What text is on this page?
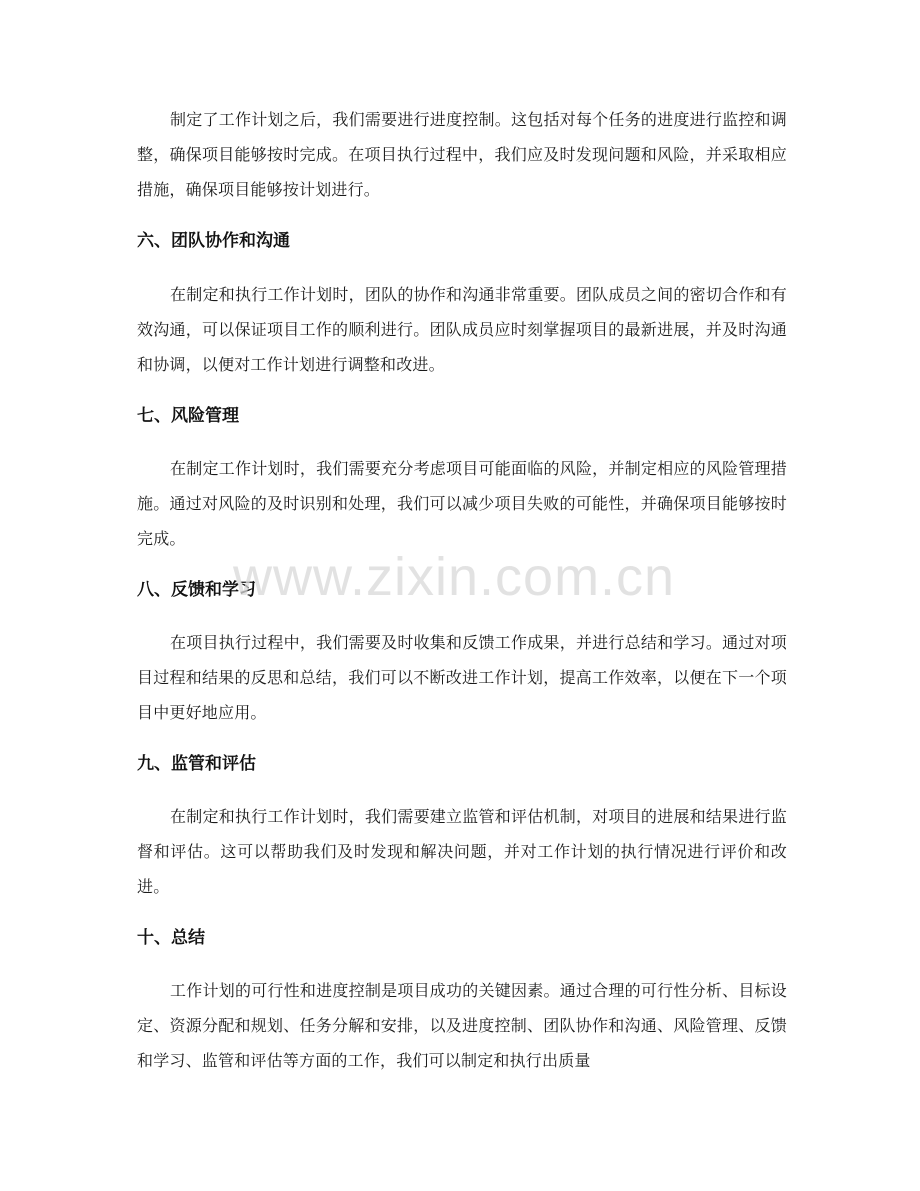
制定了工作计划之后，我们需要进行进度控制。这包括对每个任务的进度进行监控和调整，确保项目能够按时完成。在项目执行过程中，我们应及时发现问题和风险，并采取相应措施，确保项目能够按计划进行。

六、团队协作和沟通

在制定和执行工作计划时，团队的协作和沟通非常重要。团队成员之间的密切合作和有效沟通，可以保证项目工作的顺利进行。团队成员应时刻掌握项目的最新进展，并及时沟通和协调，以便对工作计划进行调整和改进。

七、风险管理

在制定工作计划时，我们需要充分考虑项目可能面临的风险，并制定相应的风险管理措施。通过对风险的及时识别和处理，我们可以减少项目失败的可能性，并确保项目能够按时完成。

八、反馈和学习

在项目执行过程中，我们需要及时收集和反馈工作成果，并进行总结和学习。通过对项目过程和结果的反思和总结，我们可以不断改进工作计划，提高工作效率，以便在下一个项目中更好地应用。

九、监管和评估

在制定和执行工作计划时，我们需要建立监管和评估机制，对项目的进展和结果进行监督和评估。这可以帮助我们及时发现和解决问题，并对工作计划的执行情况进行评价和改进。

十、总结

工作计划的可行性和进度控制是项目成功的关键因素。通过合理的可行性分析、目标设定、资源分配和规划、任务分解和安排，以及进度控制、团队协作和沟通、风险管理、反馈和学习、监管和评估等方面的工作，我们可以制定和执行出质量

www.zixin.com.cn
